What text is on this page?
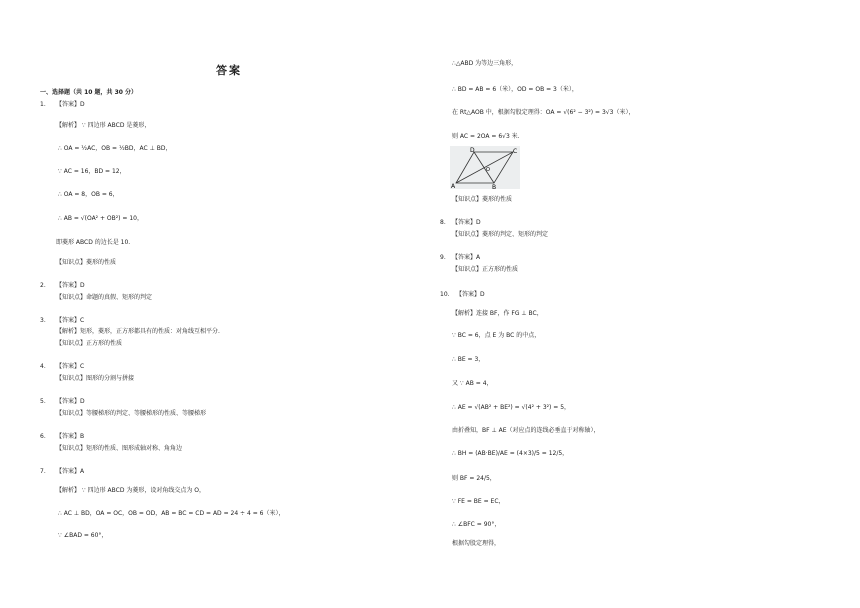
答案
一、选择题（共 10 题，共 30 分）
1. 【答案】D
【解析】 ∵ 四边形 ABCD 是菱形，
∴ OA = ½AC，OB = ½BD，AC ⊥ BD，
∵ AC = 16，BD = 12，
∴ OA = 8，OB = 6，
∴ AB = √(OA² + OB²) = 10，
即菱形 ABCD 的边长是 10.
【知识点】菱形的性质
2. 【答案】D
【知识点】命题的真假、矩形的判定
3. 【答案】C
【解析】矩形，菱形，正方形都具有的性质：对角线互相平分.
【知识点】正方形的性质
4. 【答案】C
【知识点】图形的分割与拼接
5. 【答案】D
【知识点】等腰梯形的判定、等腰梯形的性质、等腰梯形
6. 【答案】B
【知识点】矩形的性质、图形成轴对称、角角边
7. 【答案】A
【解析】 ∵ 四边形 ABCD 为菱形，设对角线交点为 O，
∴ AC ⊥ BD，OA = OC，OB = OD，AB = BC = CD = AD = 24 ÷ 4 = 6（米），
∵ ∠BAD = 60°，
∴△ABD 为等边三角形，
∴ BD = AB = 6（米），OD = OB = 3（米），
在 Rt△AOB 中，根据勾股定理得：OA = √(6² − 3²) = 3√3（米），
则 AC = 2OA = 6√3 米.
【知识点】菱形的性质
8. 【答案】D
【知识点】菱形的判定、矩形的判定
9. 【答案】A
【知识点】正方形的性质
10. 【答案】D
【解析】连接 BF，作 FG ⊥ BC，
∵ BC = 6，点 E 为 BC 的中点，
∴ BE = 3，
又 ∵ AB = 4，
∴ AE = √(AB² + BE²) = √(4² + 3²) = 5，
由折叠知，BF ⊥ AE（对应点的连线必垂直于对称轴），
∴ BH = (AB·BE)/AE = (4×3)/5 = 12/5，
则 BF = 24/5，
∵ FE = BE = EC，
∴ ∠BFC = 90°，
根据勾股定理得，
D	C
A	B
O
